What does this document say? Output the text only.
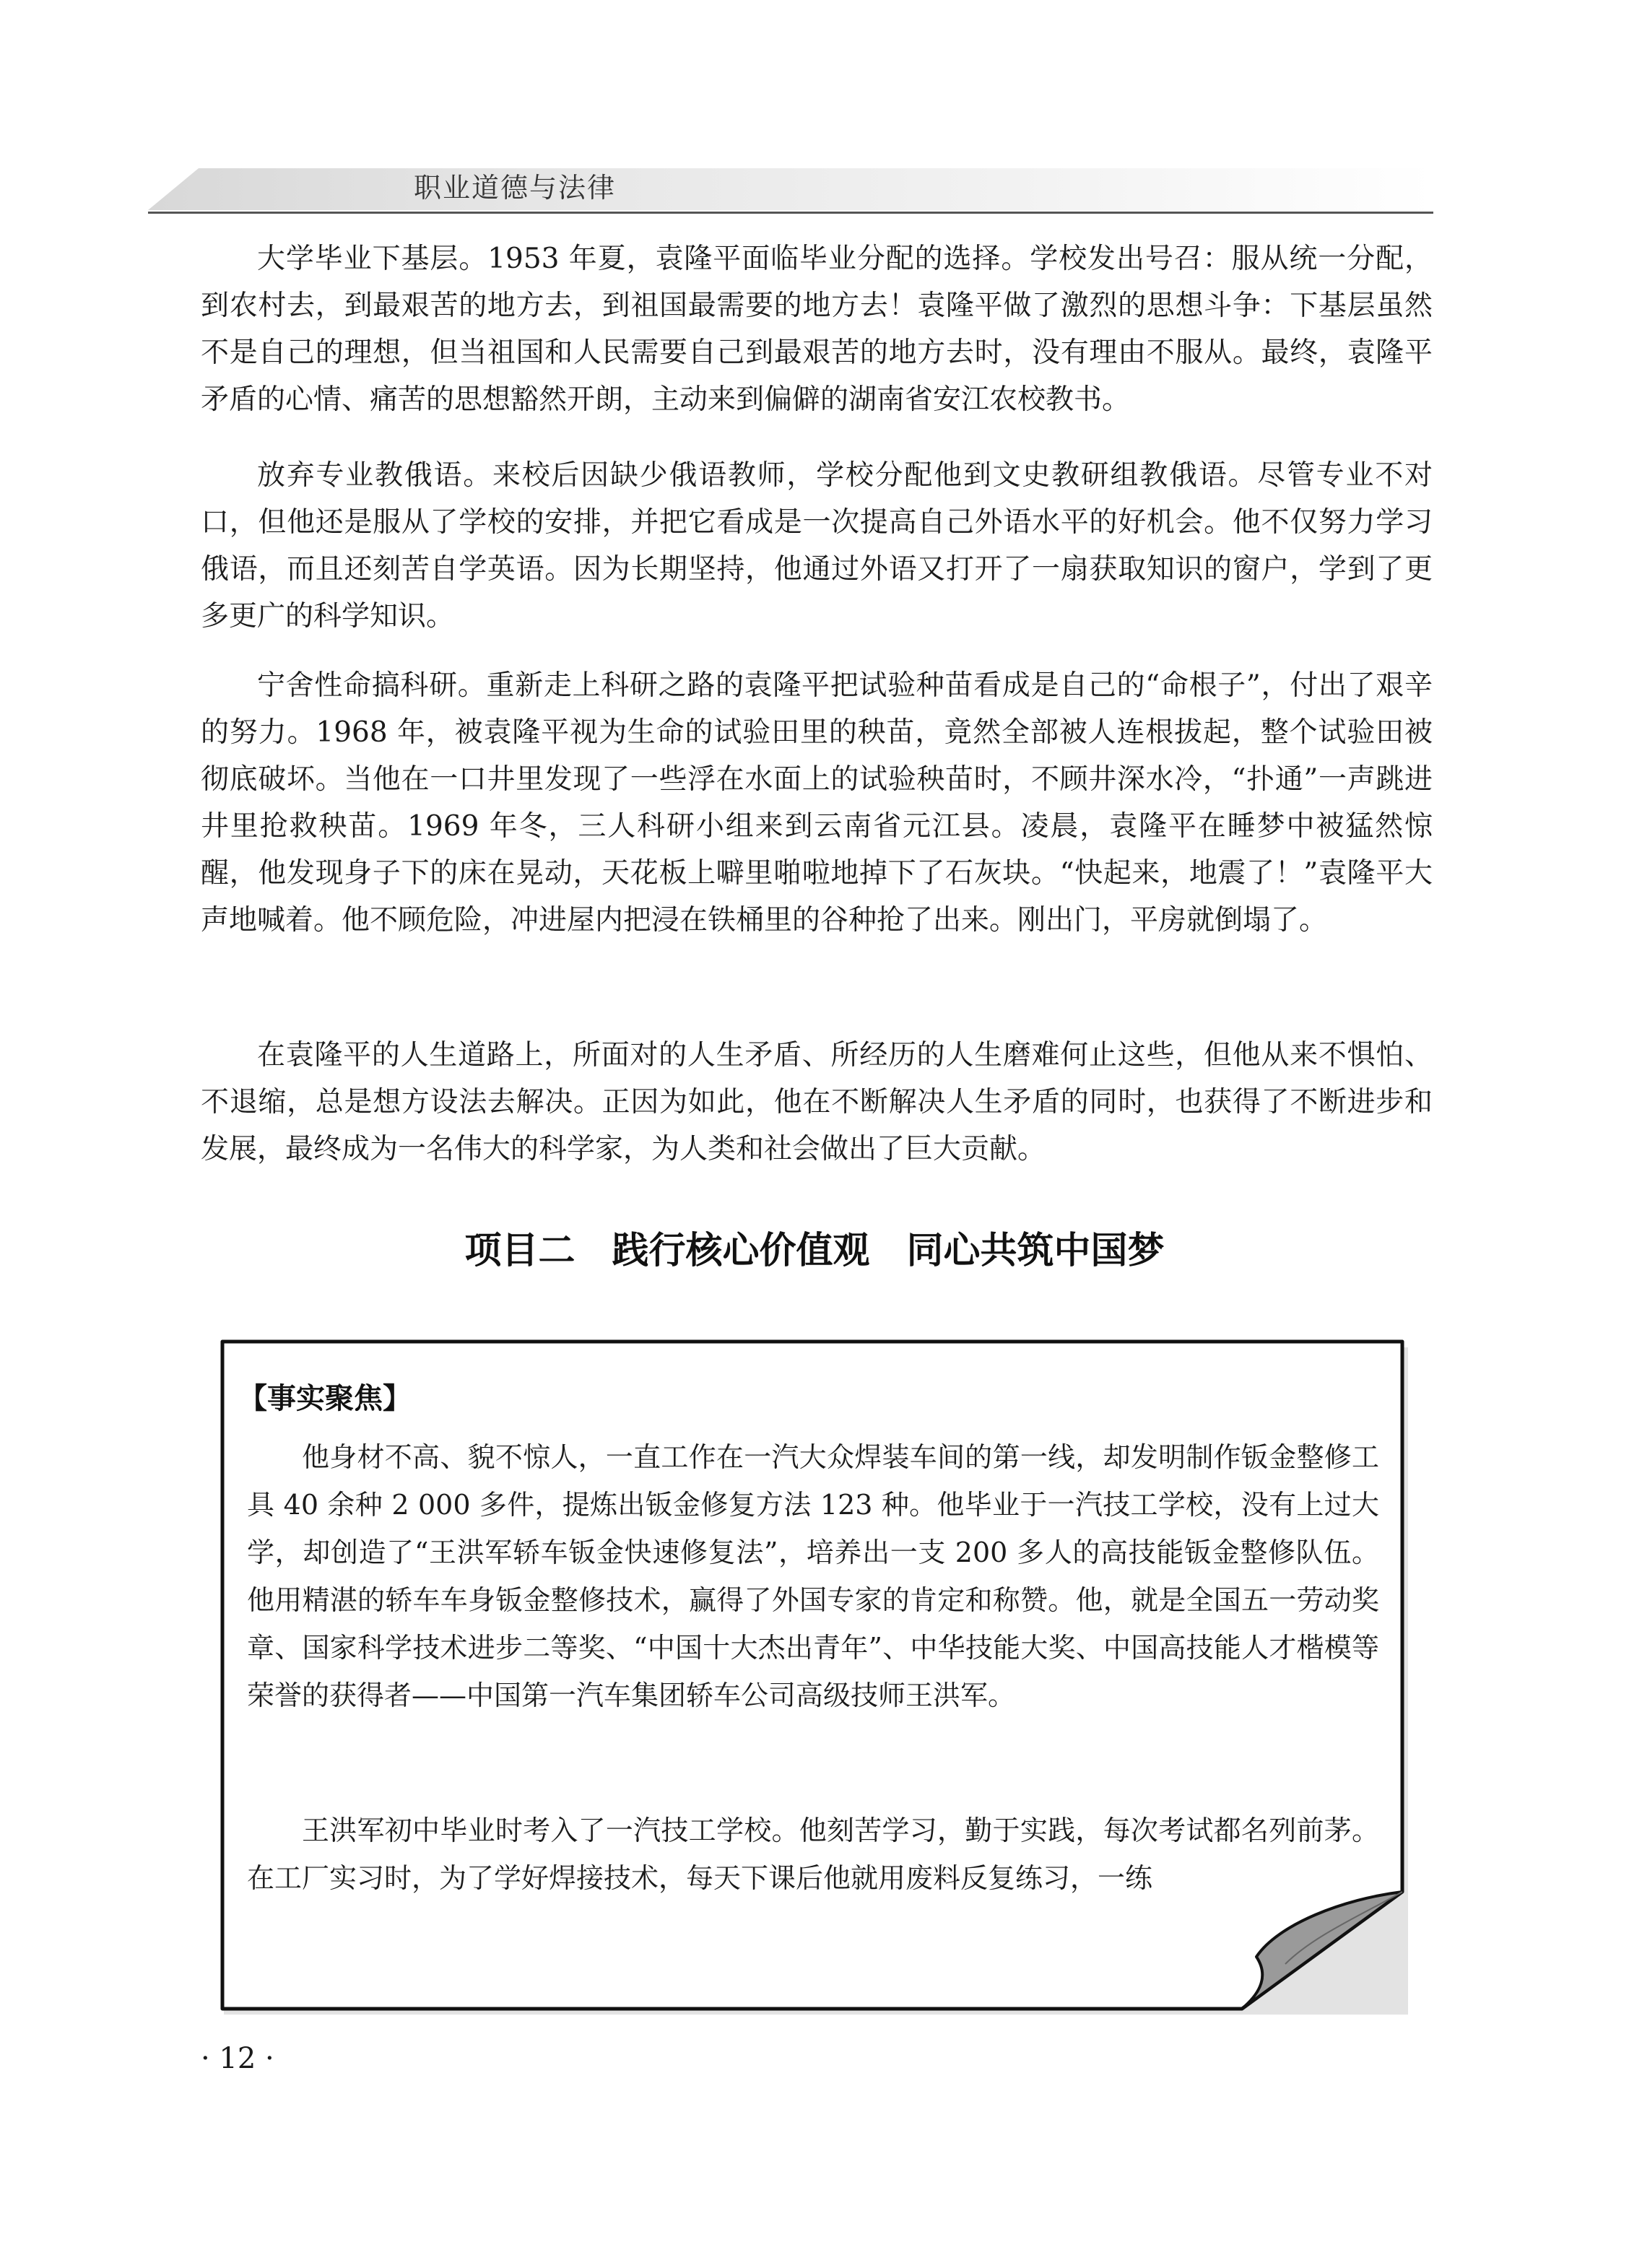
职业道德与法律

大学毕业下基层。1953 年夏，袁隆平面临毕业分配的选择。学校发出号召：服从统一分配，到农村去，到最艰苦的地方去，到祖国最需要的地方去！袁隆平做了激烈的思想斗争：下基层虽然不是自己的理想，但当祖国和人民需要自己到最艰苦的地方去时，没有理由不服从。最终，袁隆平矛盾的心情、痛苦的思想豁然开朗，主动来到偏僻的湖南省安江农校教书。

放弃专业教俄语。来校后因缺少俄语教师，学校分配他到文史教研组教俄语。尽管专业不对口，但他还是服从了学校的安排，并把它看成是一次提高自己外语水平的好机会。他不仅努力学习俄语，而且还刻苦自学英语。因为长期坚持，他通过外语又打开了一扇获取知识的窗户，学到了更多更广的科学知识。

宁舍性命搞科研。重新走上科研之路的袁隆平把试验种苗看成是自己的“命根子”，付出了艰辛的努力。1968 年，被袁隆平视为生命的试验田里的秧苗，竟然全部被人连根拔起，整个试验田被彻底破坏。当他在一口井里发现了一些浮在水面上的试验秧苗时，不顾井深水冷，“扑通”一声跳进井里抢救秧苗。1969 年冬，三人科研小组来到云南省元江县。凌晨，袁隆平在睡梦中被猛然惊醒，他发现身子下的床在晃动，天花板上噼里啪啦地掉下了石灰块。“快起来，地震了！”袁隆平大声地喊着。他不顾危险，冲进屋内把浸在铁桶里的谷种抢了出来。刚出门，平房就倒塌了。

在袁隆平的人生道路上，所面对的人生矛盾、所经历的人生磨难何止这些，但他从来不惧怕、不退缩，总是想方设法去解决。正因为如此，他在不断解决人生矛盾的同时，也获得了不断进步和发展，最终成为一名伟大的科学家，为人类和社会做出了巨大贡献。

项目二　践行核心价值观　同心共筑中国梦
【事实聚焦】

他身材不高、貌不惊人，一直工作在一汽大众焊装车间的第一线，却发明制作钣金整修工具 40 余种 2 000 多件，提炼出钣金修复方法 123 种。他毕业于一汽技工学校，没有上过大学，却创造了“王洪军轿车钣金快速修复法”，培养出一支 200 多人的高技能钣金整修队伍。他用精湛的轿车车身钣金整修技术，赢得了外国专家的肯定和称赞。他，就是全国五一劳动奖章、国家科学技术进步二等奖、“中国十大杰出青年”、中华技能大奖、中国高技能人才楷模等荣誉的获得者——中国第一汽车集团轿车公司高级技师王洪军。

王洪军初中毕业时考入了一汽技工学校。他刻苦学习，勤于实践，每次考试都名列前茅。在工厂实习时，为了学好焊接技术，每天下课后他就用废料反复练习，一练

· 12 ·
